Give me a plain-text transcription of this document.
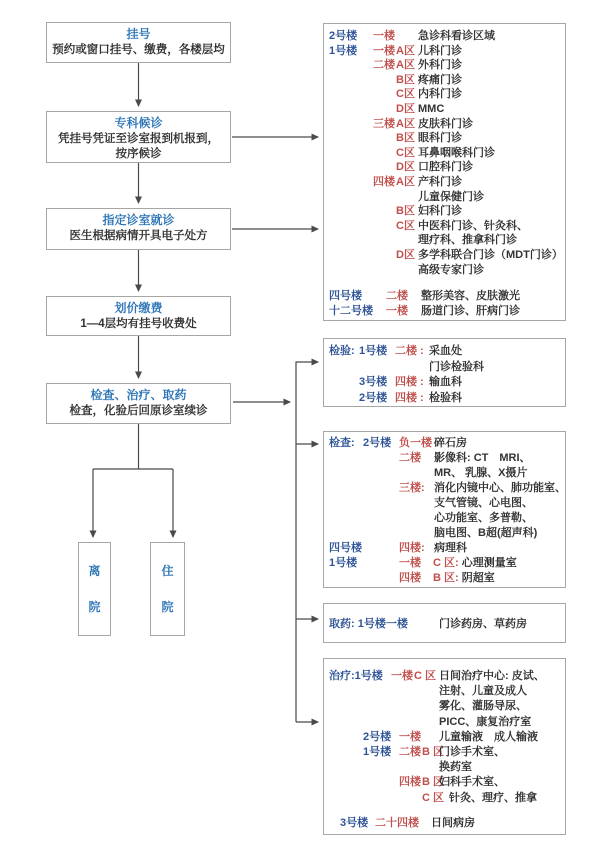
挂号
预约或窗口挂号、缴费，各楼层均
专科候诊
凭挂号凭证至诊室报到机报到，
按序候诊
指定诊室就诊
医生根据病情开具电子处方
划价缴费
1—4层均有挂号收费处
检查、治疗、取药
检查，化验后回原诊室续诊
离院
住院
2号楼 一楼 急诊科看诊区域
1号楼 一楼A区 儿科门诊
二楼A区 外科门诊
B区 疼痛门诊
C区 内科门诊
D区 MMC
三楼A区 皮肤科门诊
B区 眼科门诊
C区 耳鼻咽喉科门诊
D区 口腔科门诊
四楼A区 产科门诊
儿童保健门诊
B区 妇科门诊
C区 中医科门诊、针灸科、
理疗科、推拿科门诊
D区 多学科联合门诊（MDT门诊）
高级专家门诊
四号楼 二楼 整形美容、皮肤激光
十二号楼 一楼 肠道门诊、肝病门诊
检验: 1号楼 二楼 : 采血处
门诊检验科
3号楼 四楼 : 输血科
2号楼 四楼 : 检验科
检查: 2号楼 负一楼 碎石房
二楼 影像科: CT　MRI、
MR、 乳腺、X摄片
三楼: 消化内镜中心、肺功能室、
支气管镜、心电图、
心功能室、多普勒、
脑电图、B超(超声科)
四号楼	四楼: 病理科
1号楼	一楼 C 区: 心理测量室
四楼 B 区: 阴超室
取药: 1号楼一楼	门诊药房、草药房
治疗:1号楼 一楼C 区 日间治疗中心: 皮试、
注射、儿童及成人
雾化、灌肠导尿、
PICC、康复治疗室
2号楼 一楼 儿童输液　成人输液
1号楼 二楼B 区门诊手术室、
换药室
四楼B 区妇科手术室、
C 区 针灸、理疗、推拿
3号楼 二十四楼 日间病房
